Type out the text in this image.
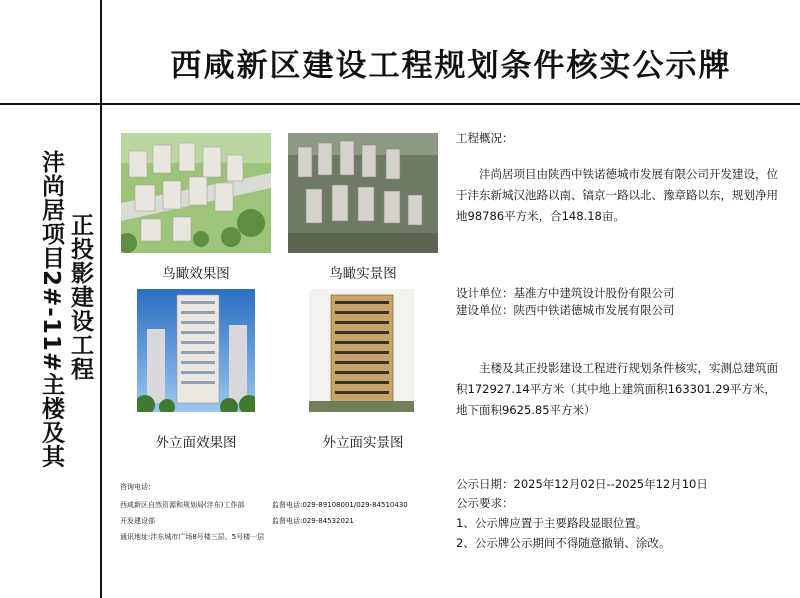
西咸新区建设工程规划条件核实公示牌
沣尚居项目2#-11#主楼及其 正投影建设工程	鸟瞰效果图	鸟瞰实景图
外立面效果图	外立面实景图
工程概况：
沣尚居项目由陕西中铁诺德城市发展有限公司开发建设，位于沣东新城汉池路以南、镐京一路以北、豫章路以东，规划净用地98786平方米，合148.18亩。
设计单位：基准方中建筑设计股份有限公司
建设单位：陕西中铁诺德城市发展有限公司
主楼及其正投影建设工程进行规划条件核实，实测总建筑面积172927.14平方米（其中地上建筑面积163301.29平方米，地下面积9625.85平方米）
公示日期：2025年12月02日--2025年12月10日
公示要求：
1、公示牌应置于主要路段显眼位置。
2、公示牌公示期间不得随意撤销、涂改。
咨询电话：
西咸新区自然资源和规划局(沣东)工作部	监督电话:029-89108001/029-84510430
开发建设部	监督电话:029-84532021
通讯地址:沣东城市广场8号楼三层、5号楼一层
